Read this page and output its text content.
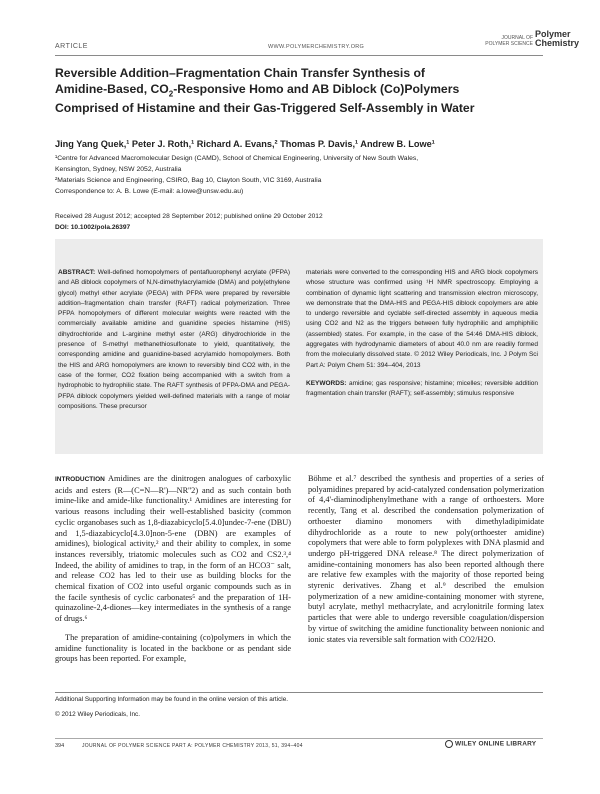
ARTICLE	WWW.POLYMERCHEMISTRY.ORG
JOURNAL OF
POLYMER SCIENCE
Polymer
Chemistry
Reversible Addition–Fragmentation Chain Transfer Synthesis of
Amidine-Based, $CO_2$-Responsive Homo and AB Diblock (Co)Polymers
Comprised of Histamine and their Gas-Triggered Self-Assembly in Water
Jing Yang Quek,¹ Peter J. Roth,¹ Richard A. Evans,² Thomas P. Davis,¹ Andrew B. Lowe¹
¹Centre for Advanced Macromolecular Design (CAMD), School of Chemical Engineering, University of New South Wales,
Kensington, Sydney, NSW 2052, Australia
²Materials Science and Engineering, CSIRO, Bag 10, Clayton South, VIC 3169, Australia
Correspondence to: A. B. Lowe (E-mail: a.lowe@unsw.edu.au)
Received 28 August 2012; accepted 28 September 2012; published online 29 October 2012
DOI: 10.1002/pola.26397
ABSTRACT: Well-defined homopolymers of pentafluorophenyl acrylate (PFPA) and AB diblock copolymers of N,N-dimethylacrylamide (DMA) and poly(ethylene glycol) methyl ether acrylate (PEGA) with PFPA were prepared by reversible addition–fragmentation chain transfer (RAFT) radical polymerization. Three PFPA homopolymers of different molecular weights were reacted with the commercially available amidine and guanidine species histamine (HIS) dihydrochloride and L-arginine methyl ester (ARG) dihydrochloride in the presence of S-methyl methanethiosulfonate to yield, quantitatively, the corresponding amidine and guanidine-based acrylamido homopolymers. Both the HIS and ARG homopolymers are known to reversibly bind CO2 with, in the case of the former, CO2 fixation being accompanied with a switch from a hydrophobic to hydrophilic state. The RAFT synthesis of PFPA-DMA and PEGA-PFPA diblock copolymers yielded well-defined materials with a range of molar compositions. These precursor
materials were converted to the corresponding HIS and ARG block copolymers whose structure was confirmed using ¹H NMR spectroscopy. Employing a combination of dynamic light scattering and transmission electron microscopy, we demonstrate that the DMA-HIS and PEGA-HIS diblock copolymers are able to undergo reversible and cyclable self-directed assembly in aqueous media using CO2 and N2 as the triggers between fully hydrophilic and amphiphilic (assembled) states. For example, in the case of the 54:46 DMA-HIS diblock, aggregates with hydrodynamic diameters of about 40.0 nm are readily formed from the molecularly dissolved state. © 2012 Wiley Periodicals, Inc. J Polym Sci Part A: Polym Chem 51: 394–404, 2013
KEYWORDS: amidine; gas responsive; histamine; micelles; reversible addition fragmentation chain transfer (RAFT); self-assembly; stimulus responsive

INTRODUCTION Amidines are the dinitrogen analogues of carboxylic acids and esters (R—(C=N—R')—NR''2) and as such contain both imine-like and amide-like functionality.¹ Amidines are interesting for various reasons including their well-established basicity (common cyclic organobases such as 1,8-diazabicyclo[5.4.0]undec-7-ene (DBU) and 1,5-diazabicyclo[4.3.0]non-5-ene (DBN) are examples of amidines), biological activity,² and their ability to complex, in some instances reversibly, triatomic molecules such as CO2 and CS2.³,⁴ Indeed, the ability of amidines to trap, in the form of an HCO3⁻ salt, and release CO2 has led to their use as building blocks for the chemical fixation of CO2 into useful organic compounds such as in the facile synthesis of cyclic carbonates⁵ and the preparation of 1H-quinazoline-2,4-diones—key intermediates in the synthesis of a range of drugs.⁶

The preparation of amidine-containing (co)polymers in which the amidine functionality is located in the backbone or as pendant side groups has been reported. For example,

Böhme et al.⁷ described the synthesis and properties of a series of polyamidines prepared by acid-catalyzed condensation polymerization of 4,4'-diaminodiphenylmethane with a range of orthoesters. More recently, Tang et al. described the condensation polymerization of orthoester diamino monomers with dimethyladipimidate dihydrochloride as a route to new poly(orthoester amidine) copolymers that were able to form polyplexes with DNA plasmid and undergo pH-triggered DNA release.⁸ The direct polymerization of amidine-containing monomers has also been reported although there are relative few examples with the majority of those reported being styrenic derivatives. Zhang et al.⁹ described the emulsion polymerization of a new amidine-containing monomer with styrene, butyl acrylate, methyl methacrylate, and acrylonitrile forming latex particles that were able to undergo reversible coagulation/dispersion by virtue of switching the amidine functionality between nonionic and ionic states via reversible salt formation with CO2/H2O.

Additional Supporting Information may be found in the online version of this article.
© 2012 Wiley Periodicals, Inc.
394	JOURNAL OF POLYMER SCIENCE PART A: POLYMER CHEMISTRY 2013, 51, 394–404	WILEY ONLINE LIBRARY
